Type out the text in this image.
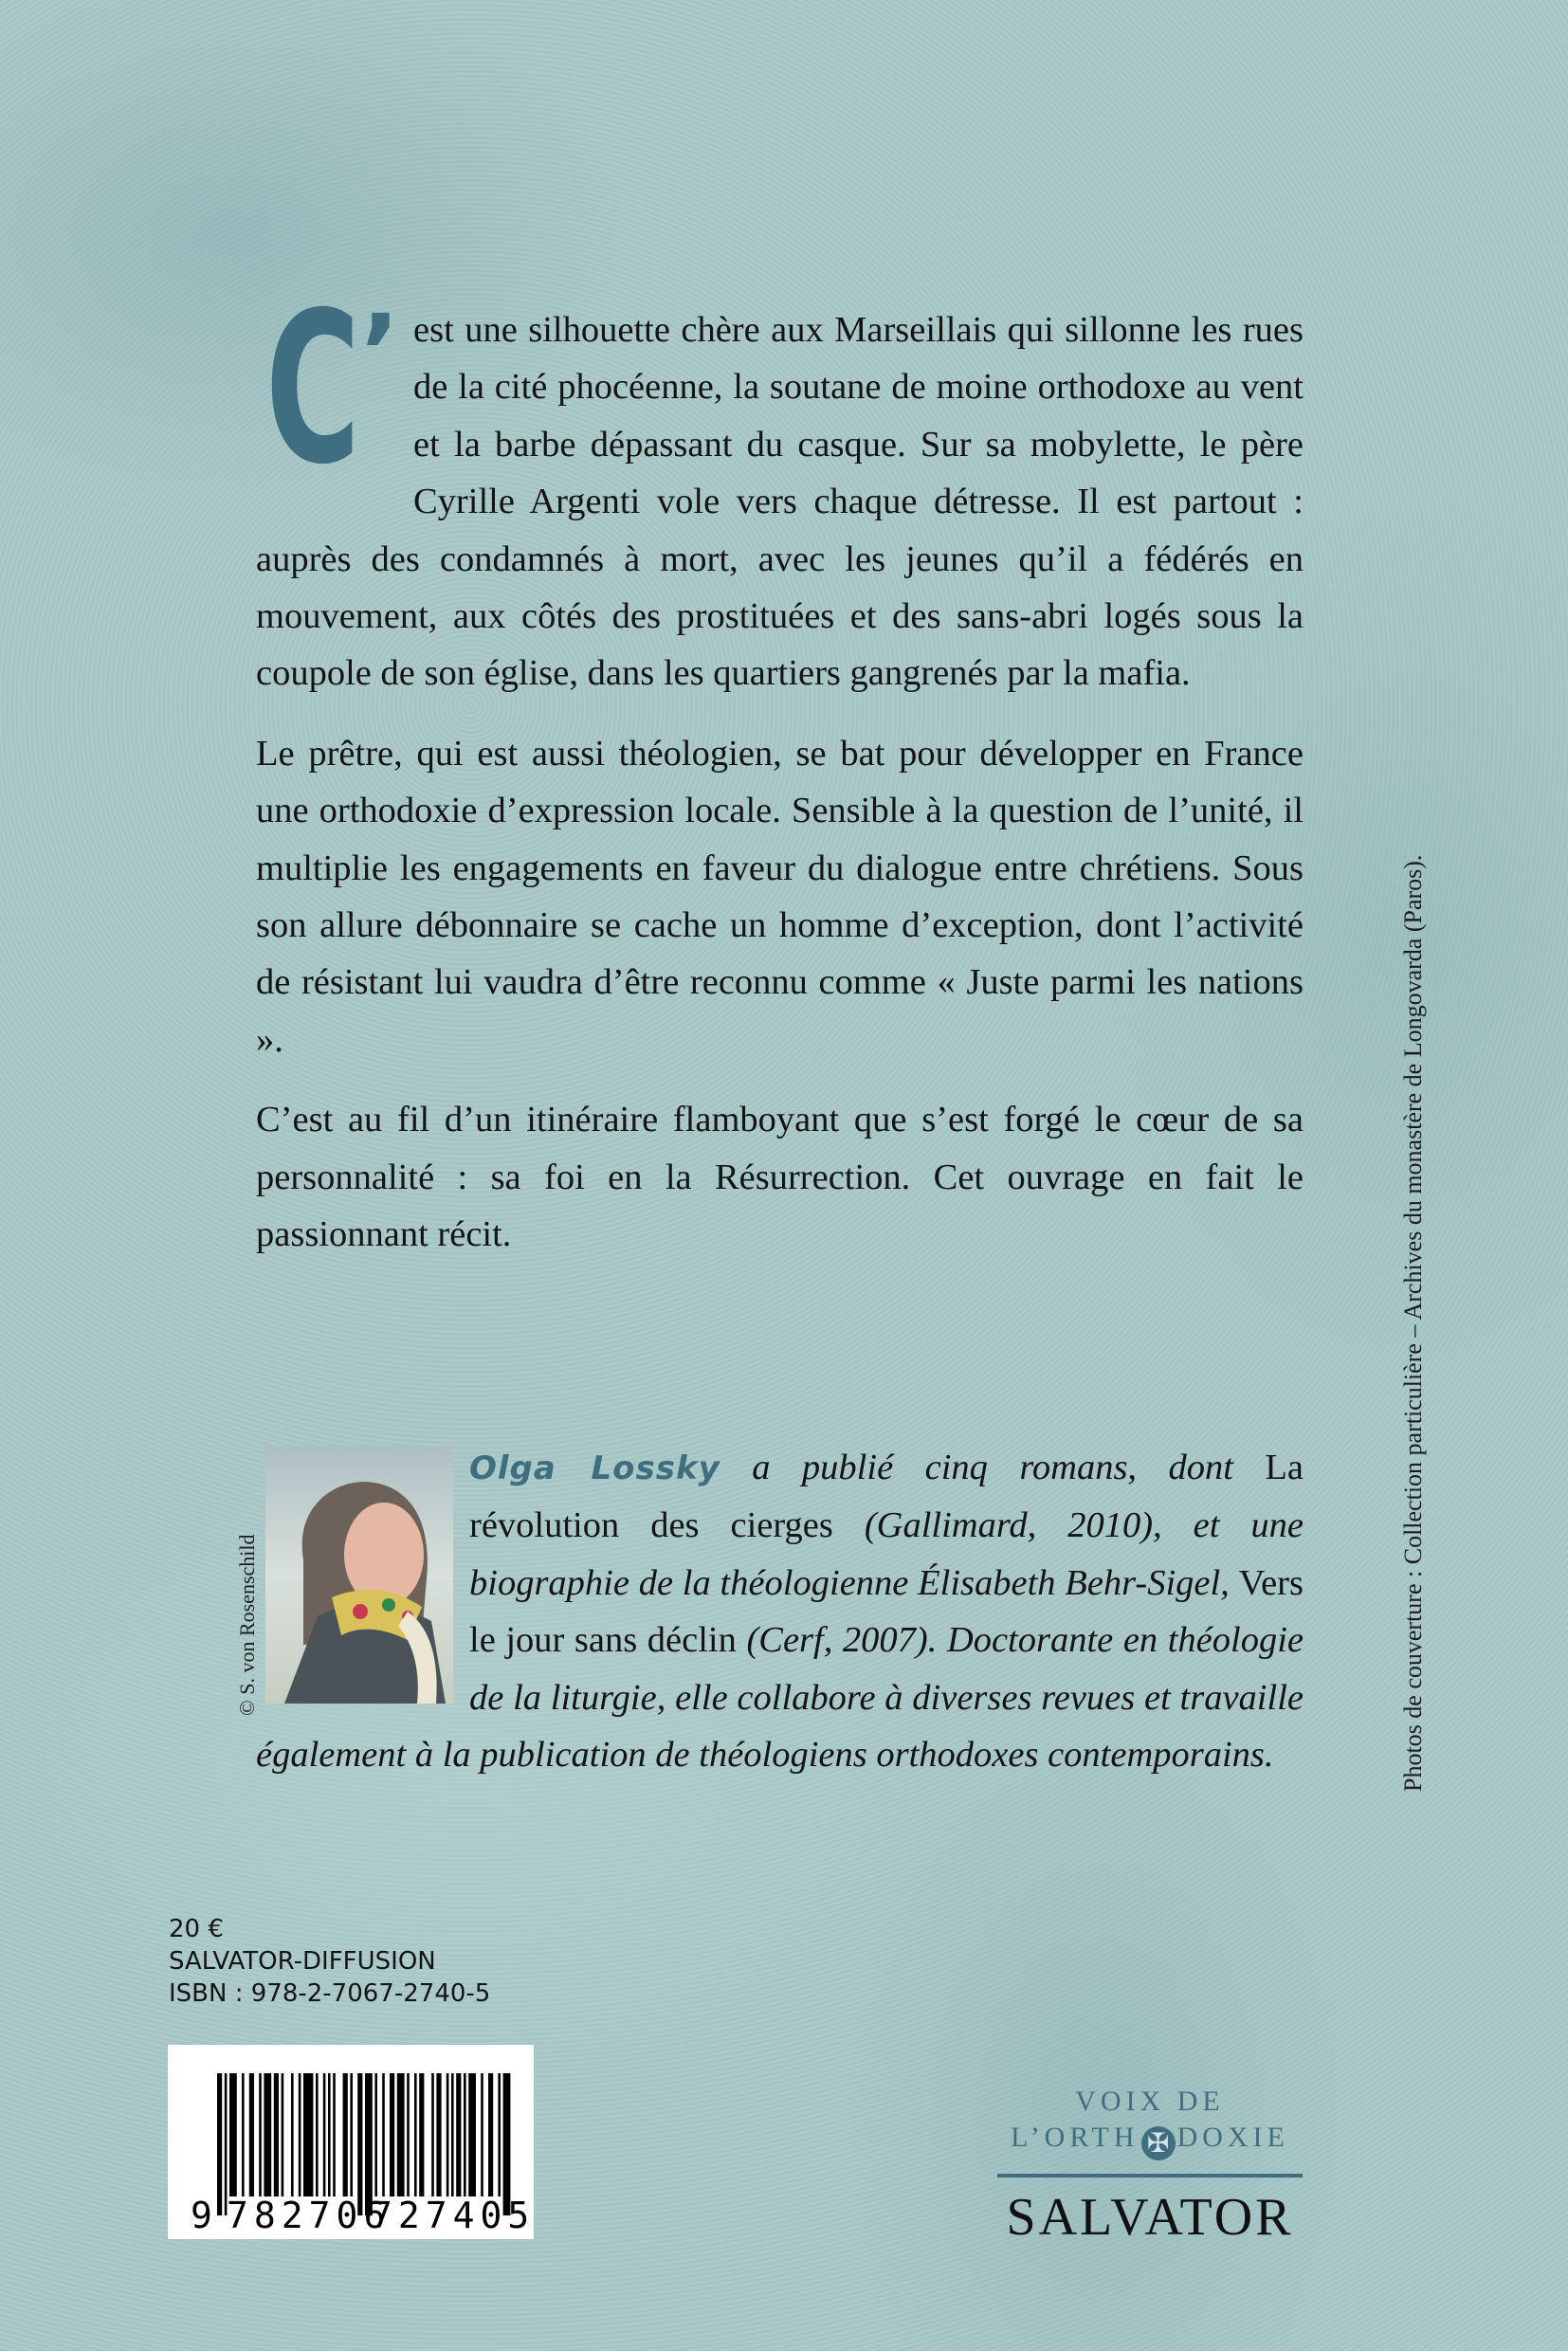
C ’ est une silhouette chère aux Marseillais qui sillonne les rues de la cité phocéenne, la soutane de moine orthodoxe au vent et la barbe dépassant du casque. Sur sa mobylette, le père Cyrille Argenti vole vers chaque détresse. Il est partout : auprès des condamnés à mort, avec les jeunes qu’il a fédérés en mouvement, aux côtés des prostituées et des sans-abri logés sous la coupole de son église, dans les quartiers gangrenés par la mafia.

Le prêtre, qui est aussi théologien, se bat pour développer en France une orthodoxie d’expression locale. Sensible à la question de l’unité, il multiplie les engagements en faveur du dialogue entre chrétiens. Sous son allure débonnaire se cache un homme d’exception, dont l’activité de résistant lui vaudra d’être reconnu comme « Juste parmi les nations ».

C’est au fil d’un itinéraire flamboyant que s’est forgé le cœur de sa personnalité : sa foi en la Résurrection. Cet ouvrage en fait le passionnant récit.

© S. von Rosenschild
Olga Lossky a publié cinq romans, dont La révolution des cierges (Gallimard, 2010), et une biographie de la théologienne Élisabeth Behr-Sigel, Vers le jour sans déclin (Cerf, 2007). Doctorante en théologie de la liturgie, elle collabore à diverses revues et travaille également à la publication de théologiens orthodoxes contemporains.	Photos de couverture : Collection particulière – Archives du monastère de Longovarda (Paros).
20 €
SALVATOR-DIFFUSION
ISBN : 978-2-7067-2740-5
9 782706
727405
VOIX DE
L’ORTH ✠ DOXIE
SALVATOR
